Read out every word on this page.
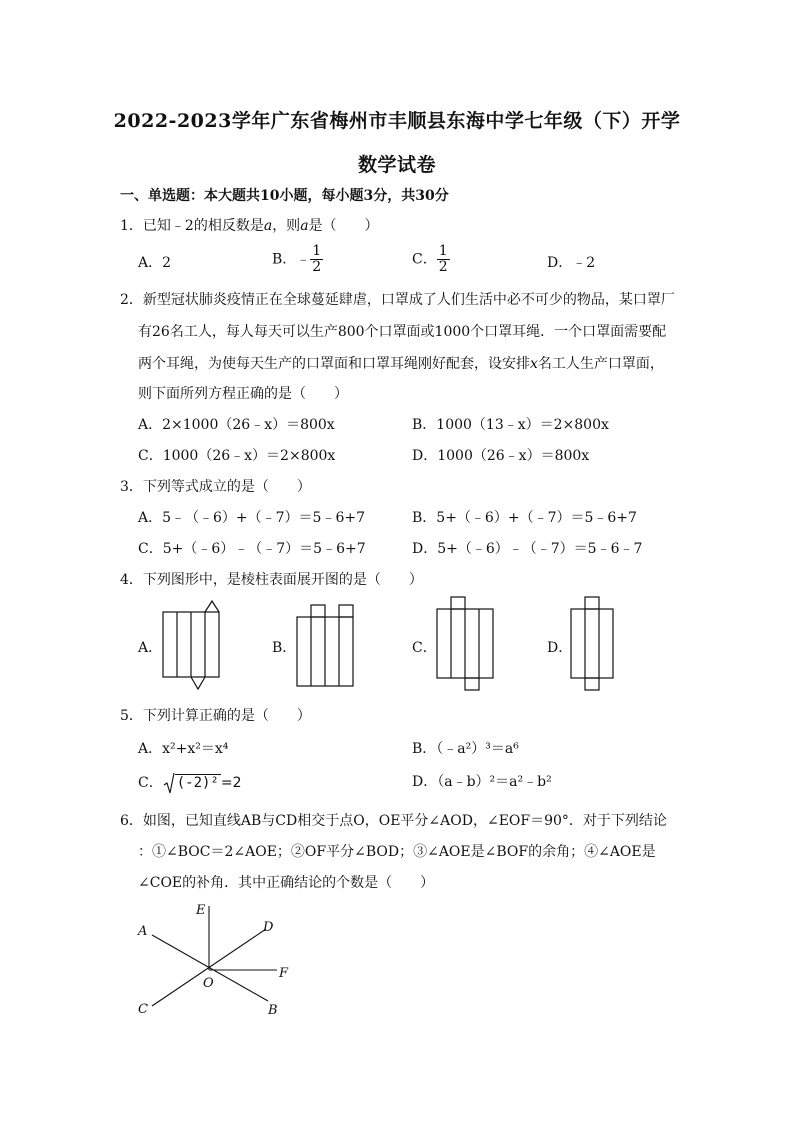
2022-2023学年广东省梅州市丰顺县东海中学七年级（下）开学
数学试卷
一、单选题：本大题共10小题，每小题3分，共30分
1．已知﹣2的相反数是a，则a是（　　）
A．2	B．﹣ $\frac{1}{2}$	C． $\frac{1}{2}$	D．﹣2
2．新型冠状肺炎疫情正在全球蔓延肆虐，口罩成了人们生活中必不可少的物品，某口罩厂
有26名工人，每人每天可以生产800个口罩面或1000个口罩耳绳．一个口罩面需要配
两个耳绳，为使每天生产的口罩面和口罩耳绳刚好配套，设安排x名工人生产口罩面，
则下面所列方程正确的是（　　）
A．2×1000（26﹣x）＝800x	B．1000（13﹣x）＝2×800x
C．1000（26﹣x）＝2×800x	D．1000（26﹣x）＝800x
3．下列等式成立的是（　　）
A．5﹣（﹣6）+（﹣7）＝5﹣6+7	B．5+（﹣6）+（﹣7）＝5﹣6+7
C．5+（﹣6）﹣（﹣7）＝5﹣6+7	D．5+（﹣6）﹣（﹣7）＝5﹣6﹣7
4．下列图形中，是棱柱表面展开图的是（　　）
A．	B．	C．	D．
5．下列计算正确的是（　　）
A．x²+x²＝x⁴	B．（﹣a²）³＝a⁶
C． (-2)² =2	D．（a﹣b）²＝a²﹣b²
6．如图，已知直线AB与CD相交于点O，OE平分∠AOD，∠EOF＝90°．对于下列结论
：①∠BOC＝2∠AOE；②OF平分∠BOD；③∠AOE是∠BOF的余角；④∠AOE是
∠COE的补角．其中正确结论的个数是（　　）
A
E
D
F
O
C	B
